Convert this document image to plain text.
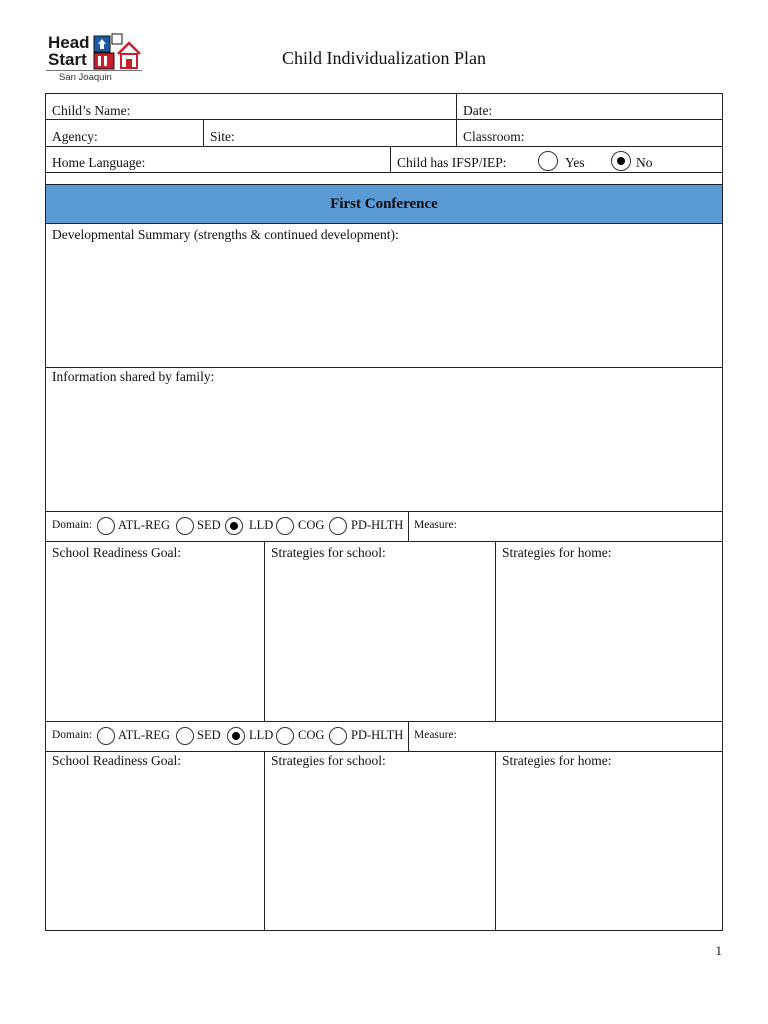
Head
Start
San Joaquin
Child Individualization Plan
Child’s Name:	Date:
Agency:	Site:	Classroom:
Home Language:	Child has IFSP/IEP:	Yes	No
First Conference
Developmental Summary (strengths & continued development):
Information shared by family:
Domain: ATL-REG SED LLD COG PD-HLTH Measure:
School Readiness Goal:	Strategies for school:	Strategies for home:
Domain: ATL-REG SED LLD COG PD-HLTH Measure:
School Readiness Goal:	Strategies for school:	Strategies for home:
1
